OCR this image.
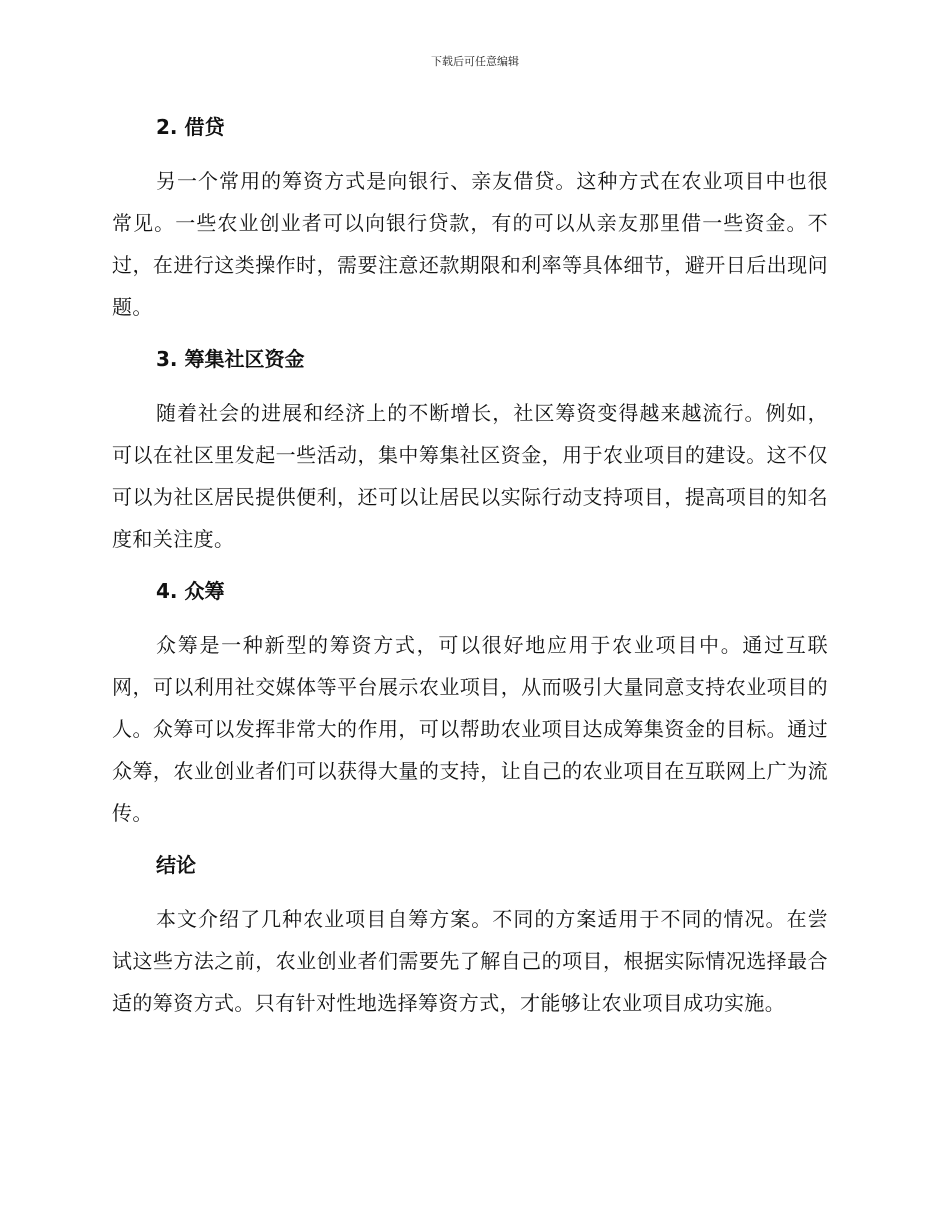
下载后可任意编辑
2. 借贷

另一个常用的筹资方式是向银行、亲友借贷。这种方式在农业项目中也很常见。一些农业创业者可以向银行贷款，有的可以从亲友那里借一些资金。不过，在进行这类操作时，需要注意还款期限和利率等具体细节，避开日后出现问题。

3. 筹集社区资金

随着社会的进展和经济上的不断增长，社区筹资变得越来越流行。例如，可以在社区里发起一些活动，集中筹集社区资金，用于农业项目的建设。这不仅可以为社区居民提供便利，还可以让居民以实际行动支持项目，提高项目的知名度和关注度。

4. 众筹

众筹是一种新型的筹资方式，可以很好地应用于农业项目中。通过互联网，可以利用社交媒体等平台展示农业项目，从而吸引大量同意支持农业项目的人。众筹可以发挥非常大的作用，可以帮助农业项目达成筹集资金的目标。通过众筹，农业创业者们可以获得大量的支持，让自己的农业项目在互联网上广为流传。

结论

本文介绍了几种农业项目自筹方案。不同的方案适用于不同的情况。在尝试这些方法之前，农业创业者们需要先了解自己的项目，根据实际情况选择最合适的筹资方式。只有针对性地选择筹资方式，才能够让农业项目成功实施。
